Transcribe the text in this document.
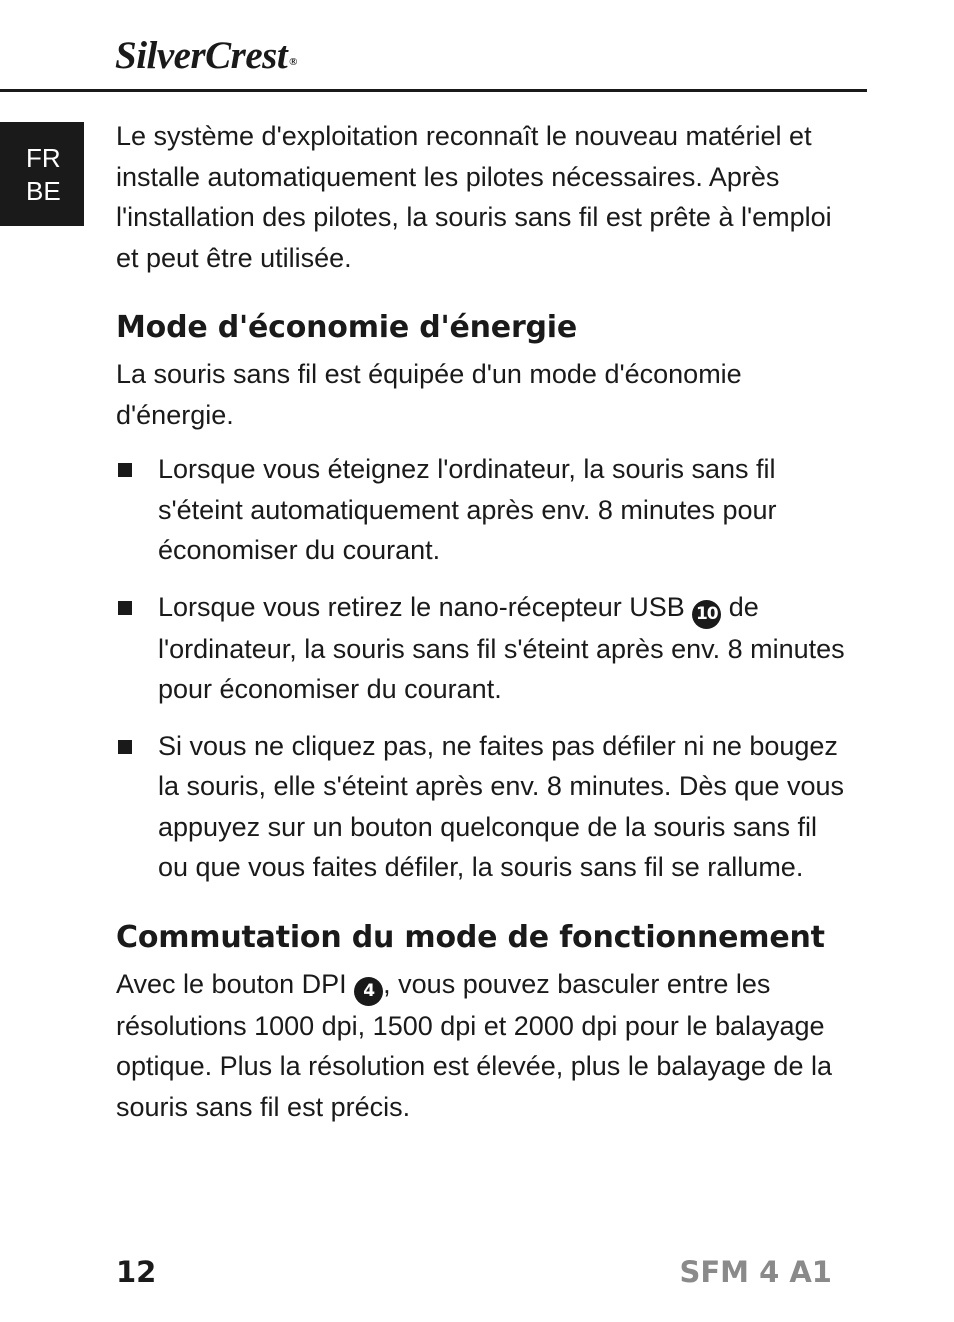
SilverCrest ®
FR
BE

Le système d'exploitation reconnaît le nouveau matériel et installe automatiquement les pilotes nécessaires. Après l'installation des pilotes, la souris sans fil est prête à l'emploi et peut être utilisée.

Mode d'économie d'énergie

La souris sans fil est équipée d'un mode d'économie d'énergie.

Lorsque vous éteignez l'ordinateur, la souris sans fil s'éteint automatiquement après env. 8 minutes pour économiser du courant.
Lorsque vous retirez le nano-récepteur USB 10 de l'ordinateur, la souris sans fil s'éteint après env. 8 minutes pour économiser du courant.
Si vous ne cliquez pas, ne faites pas défiler ni ne bougez la souris, elle s'éteint après env. 8 minutes. Dès que vous appuyez sur un bouton quelconque de la souris sans fil ou que vous faites défiler, la souris sans fil se rallume.
Commutation du mode de fonctionnement

Avec le bouton DPI 4 , vous pouvez basculer entre les résolutions 1000 dpi, 1500 dpi et 2000 dpi pour le balayage optique. Plus la résolution est élevée, plus le balayage de la souris sans fil est précis.

12	SFM 4 A1
